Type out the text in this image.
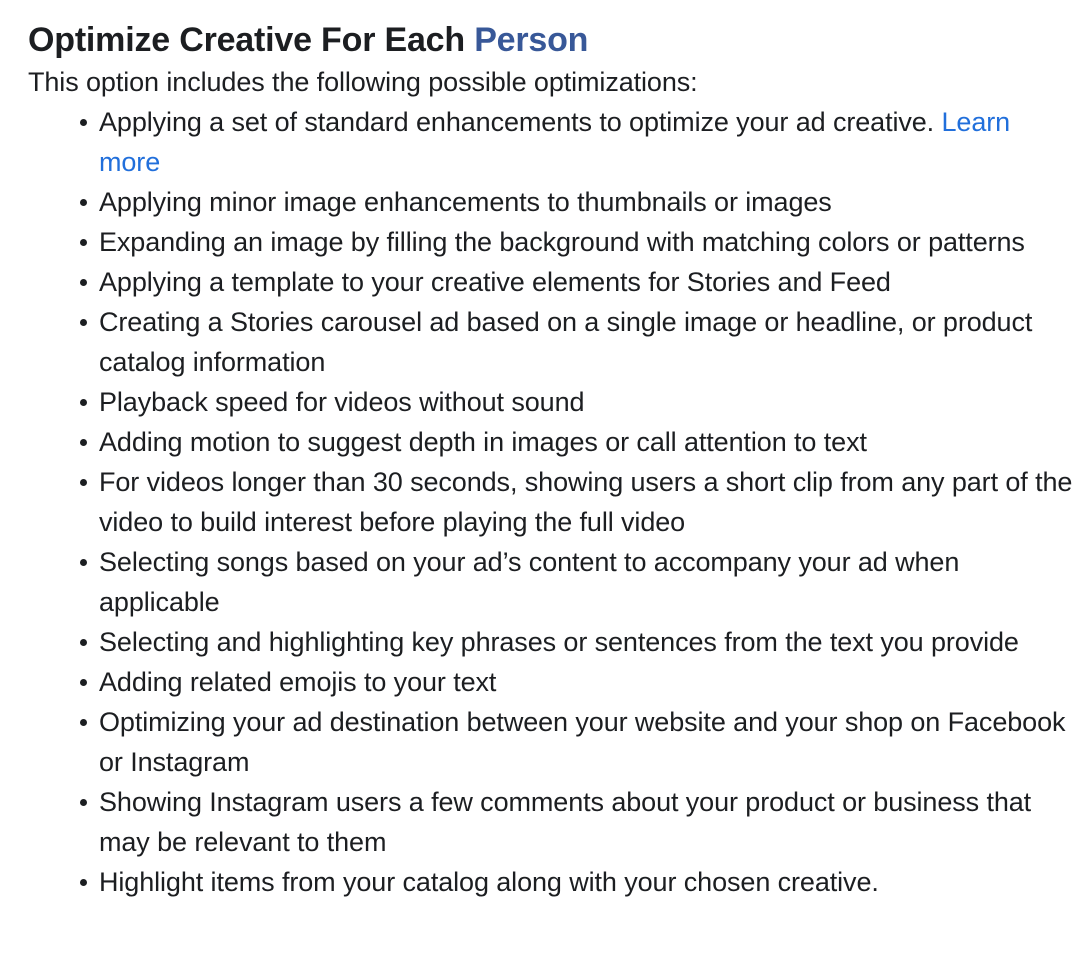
Optimize Creative For Each Person

This option includes the following possible optimizations:

Applying a set of standard enhancements to optimize your ad creative. Learn more
Applying minor image enhancements to thumbnails or images
Expanding an image by filling the background with matching colors or patterns
Applying a template to your creative elements for Stories and Feed
Creating a Stories carousel ad based on a single image or headline, or product catalog information
Playback speed for videos without sound
Adding motion to suggest depth in images or call attention to text
For videos longer than 30 seconds, showing users a short clip from any part of the video to build interest before playing the full video
Selecting songs based on your ad’s content to accompany your ad when applicable
Selecting and highlighting key phrases or sentences from the text you provide
Adding related emojis to your text
Optimizing your ad destination between your website and your shop on Facebook or Instagram
Showing Instagram users a few comments about your product or business that may be relevant to them
Highlight items from your catalog along with your chosen creative.
